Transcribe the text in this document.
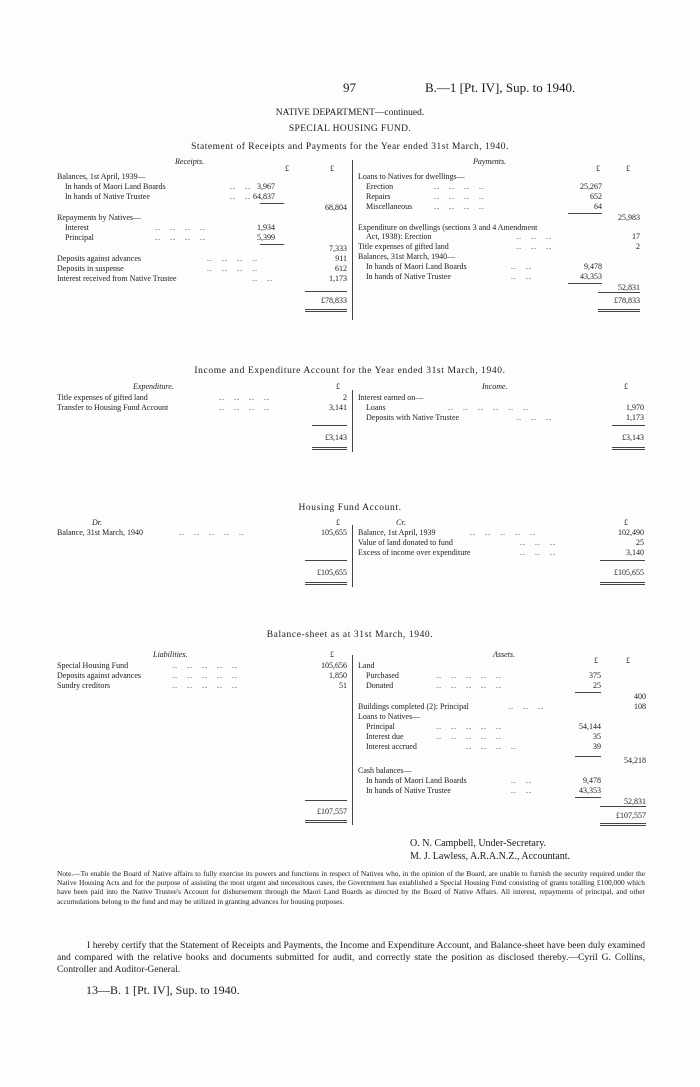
97	B.—1 [Pt. IV], Sup. to 1940.
NATIVE DEPARTMENT—continued.
SPECIAL HOUSING FUND.
Statement of Receipts and Payments for the Year ended 31st March, 1940.
Receipts.	Payments.
£	£	£	£
Balances, 1st April, 1939—
In hands of Maori Land Boards	..   .. 3,967
In hands of Native Trustee	..   .. 64,837
68,804
Repayments by Natives—
Interest	..   ..   ..   ..	1,934
Principal	..   ..   ..   ..	5,399
7,333
Deposits against advances	..   ..   ..   ..	911
Deposits in suspense	..   ..   ..   ..	612
Interest received from Native Trustee	..   ..	1,173
£78,833
Loans to Natives for dwellings—
Erection	..   ..   ..   ..	25,267
Repairs	..   ..   ..   ..	652
Miscellaneous	..   ..   ..   ..	64
25,983
Expenditure on dwellings (sections 3 and 4 Amendment
Act, 1938): Erection	..   ..   ..	17
Title expenses of gifted land	..   ..   ..	2
Balances, 31st March, 1940—
In hands of Maori Land Boards	..   ..	9,478
In hands of Native Trustee	..   ..	43,353
52,831
£78,833
Income and Expenditure Account for the Year ended 31st March, 1940.
Expenditure.	Income.
£	£
Title expenses of gifted land	..   ..   ..   ..	2
Transfer to Housing Fund Account	..   ..   ..   ..	3,141
£3,143
Interest earned on—
Loans	..   ..   ..   ..   ..   ..	1,970
Deposits with Native Trustee	..   ..   ..	1,173
£3,143
Housing Fund Account.
Dr.	Cr.
£	£
Balance, 31st March, 1940	..   ..   ..   ..   ..	105,655
£105,655
Balance, 1st April, 1939	..   ..   ..   ..   ..	102,490
Value of land donated to fund	..   ..   ..	25
Excess of income over expenditure	..   ..   ..	3,140
£105,655
Balance-sheet as at 31st March, 1940.
Liabilities.	Assets.
£
£	£
Special Housing Fund	..   ..   ..   ..   ..	105,656
Deposits against advances	..   ..   ..   ..   ..	1,850
Sundry creditors	..   ..   ..   ..   ..	51
£107,557
Land
Purchased	..   ..   ..   ..   ..	375
Donated	..   ..   ..   ..   ..	25
400
Buildings completed (2): Principal	..   ..   ..	108
Loans to Natives—
Principal	..   ..   ..   ..   ..	54,144
Interest due	..   ..   ..   ..   ..	35
Interest accrued	..   ..   ..   ..	39
54,218
Cash balances—
In hands of Maori Land Boards	..   ..	9,478
In hands of Native Trustee	..   ..	43,353
52,831
£107,557
O. N. Campbell, Under-Secretary.
M. J. Lawless, A.R.A.N.Z., Accountant.
Note.—To enable the Board of Native affairs to fully exercise its powers and functions in respect of Natives who, in the opinion of the Board, are unable to furnish the security required under the Native Housing Acts and for the purpose of assisting the most urgent and necessitous cases, the Government has established a Special Housing Fund consisting of grants totalling £100,000 which have been paid into the Native Trustee's Account for disbursement through the Maori Land Boards as directed by the Board of Native Affairs. All interest, repayments of principal, and other accumulations belong to the fund and may be utilized in granting advances for housing purposes.
I hereby certify that the Statement of Receipts and Payments, the Income and Expenditure Account, and Balance-sheet have been duly examined and compared with the relative books and documents submitted for audit, and correctly state the position as disclosed thereby.—Cyril G. Collins, Controller and Auditor-General.
13—B. 1 [Pt. IV], Sup. to 1940.
